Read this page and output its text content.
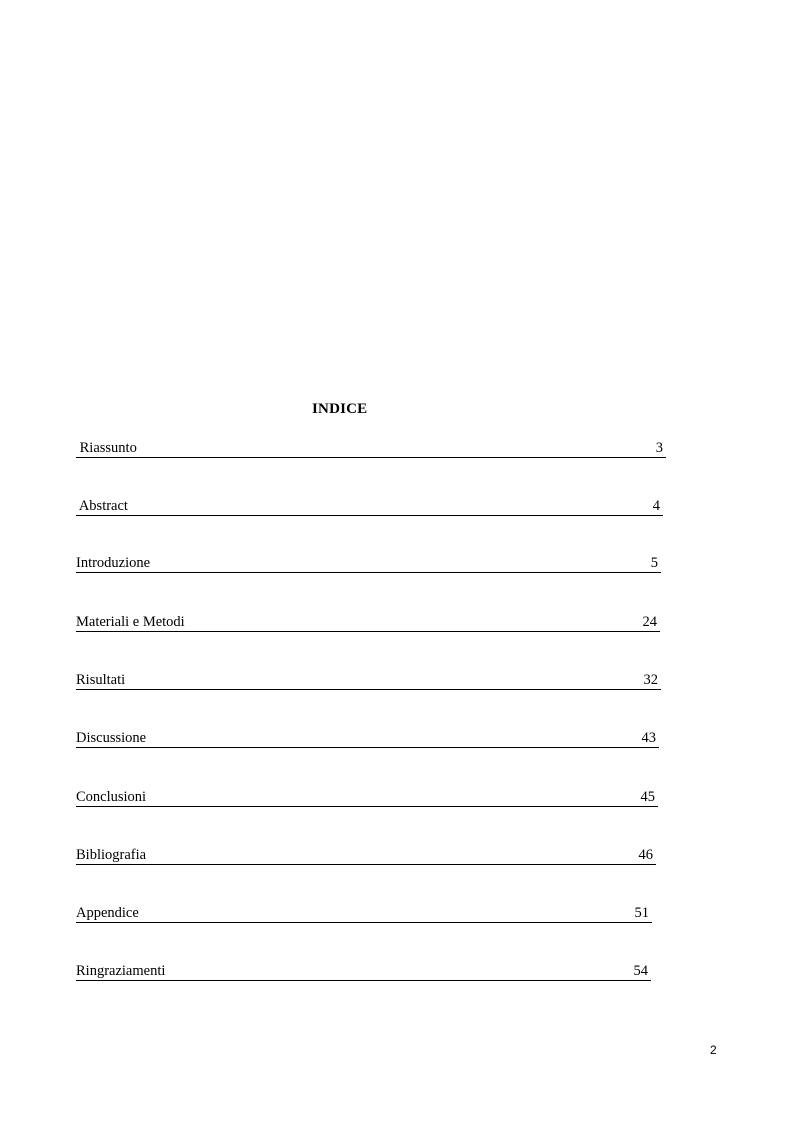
INDICE
Riassunto	3
Abstract	4
Introduzione	5
Materiali e Metodi	24
Risultati	32
Discussione	43
Conclusioni	45
Bibliografia	46
Appendice	51
Ringraziamenti	54
2
